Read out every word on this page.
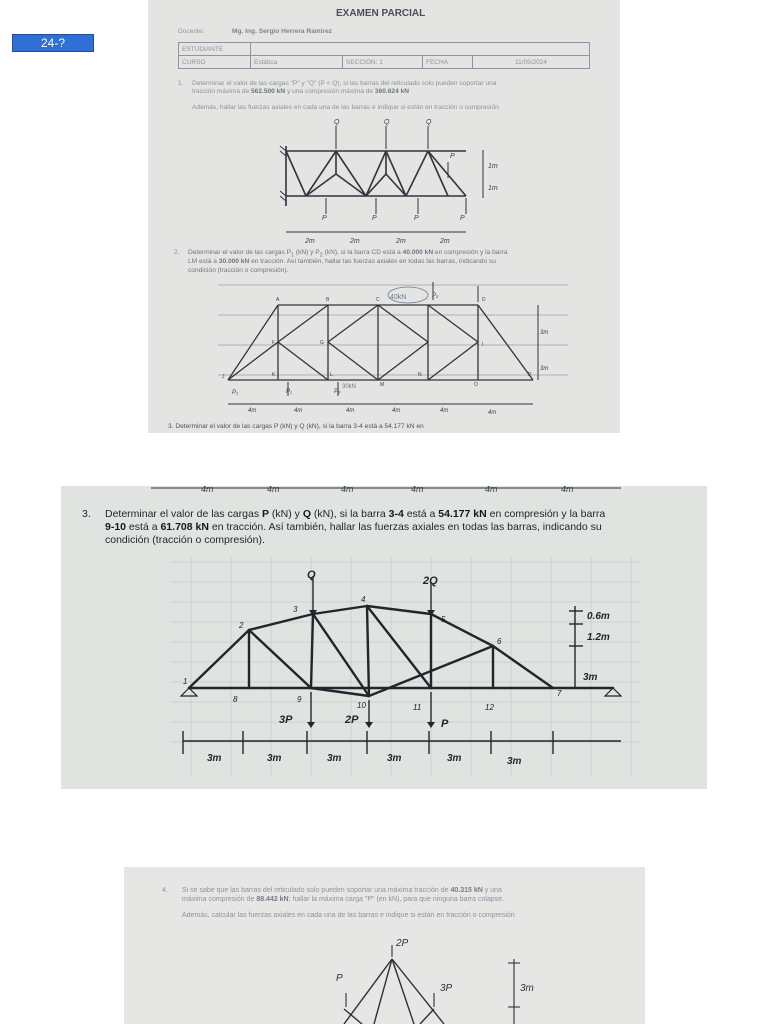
24-?
EXAMEN PARCIAL
Docente:	Mg. Ing. Sergio Herrera Ramirez
ESTUDIANTE				
CURSO	Estática	SECCIÓN: 1	FECHA	11/05/2024
1. Determinar el valor de las cargas "P" y "Q" (P < Q), si las barras del reticulado solo pueden soportar una
tracción máxima de 562.500 kN y una compresión máxima de 360.624 kN
Además, hallar las fuerzas axiales en cada una de las barras e indique si están en tracción o compresión
Q	Q	Q
P
P	P	P	P
1m
1m
2m	2m	2m	2m
2. Determinar el valor de las cargas $P_1$ (kN) y $P_2$ (kN), si la barra CD está a 40.000 kN en compresión y la barra
LM está a 30.000 kN en tracción. Así también, hallar las fuerzas axiales en todas las barras, indicando su
condición (tracción o compresión).
40kN
30kN
A	B	C	D
F	G	I
J	K	L
M
N
O
P
P₁	P₁	P₂
P₂
3m
3m
4m	4m	4m	4m	4m	4m
3. Determinar el valor de las cargas P (kN) y Q (kN), si la barra 3-4 está a 54.177 kN en
4m	4m	4m	4m	4m	4m
3. Determinar el valor de las cargas P (kN) y Q (kN), si la barra 3-4 está a 54.177 kN en compresión y la barra
9-10 está a 61.708 kN en tracción. Así también, hallar las fuerzas axiales en todas las barras, indicando su
condición (tracción o compresión).
Q	2Q
3P	2P	P
1
2
3
4
5
6
7
8	9
10	11	12
0.6m
1.2m
3m
3m	3m	3m	3m	3m	3m
4. Si se sabe que las barras del reticulado solo pueden soportar una máxima tracción de 40.315 kN y una
máxima compresión de 88.442 kN; hallar la máxima carga "P" (en kN), para que ninguna barra colapse.
Además, calcular las fuerzas axiales en cada una de las barras e indique si están en tracción o compresión
2P
P
3P	3m
